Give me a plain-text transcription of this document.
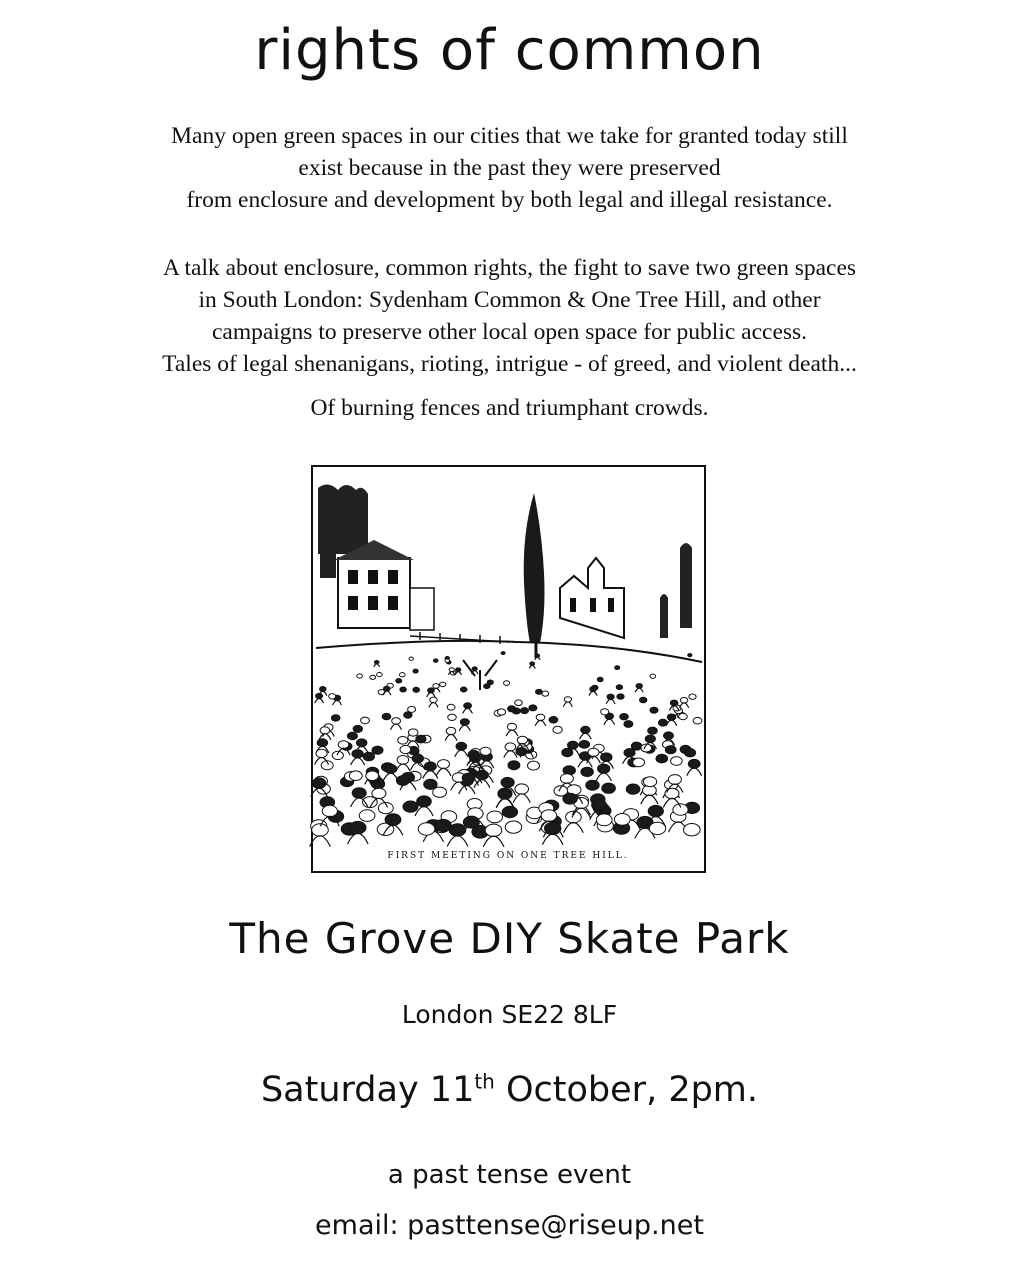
rights of common

Many open green spaces in our cities that we take for granted today still

exist because in the past they were preserved

from enclosure and development by both legal and illegal resistance.

A talk about enclosure, common rights, the fight to save two green spaces

in South London: Sydenham Common & One Tree Hill, and other

campaigns to preserve other local open space for public access.

Tales of legal shenanigans, rioting, intrigue - of greed, and violent death...

Of burning fences and triumphant crowds.

FIRST MEETING ON ONE TREE HILL.
The Grove DIY Skate Park
London SE22 8LF
Saturday 11th October, 2pm.
a past tense event
email: pasttense@riseup.net
